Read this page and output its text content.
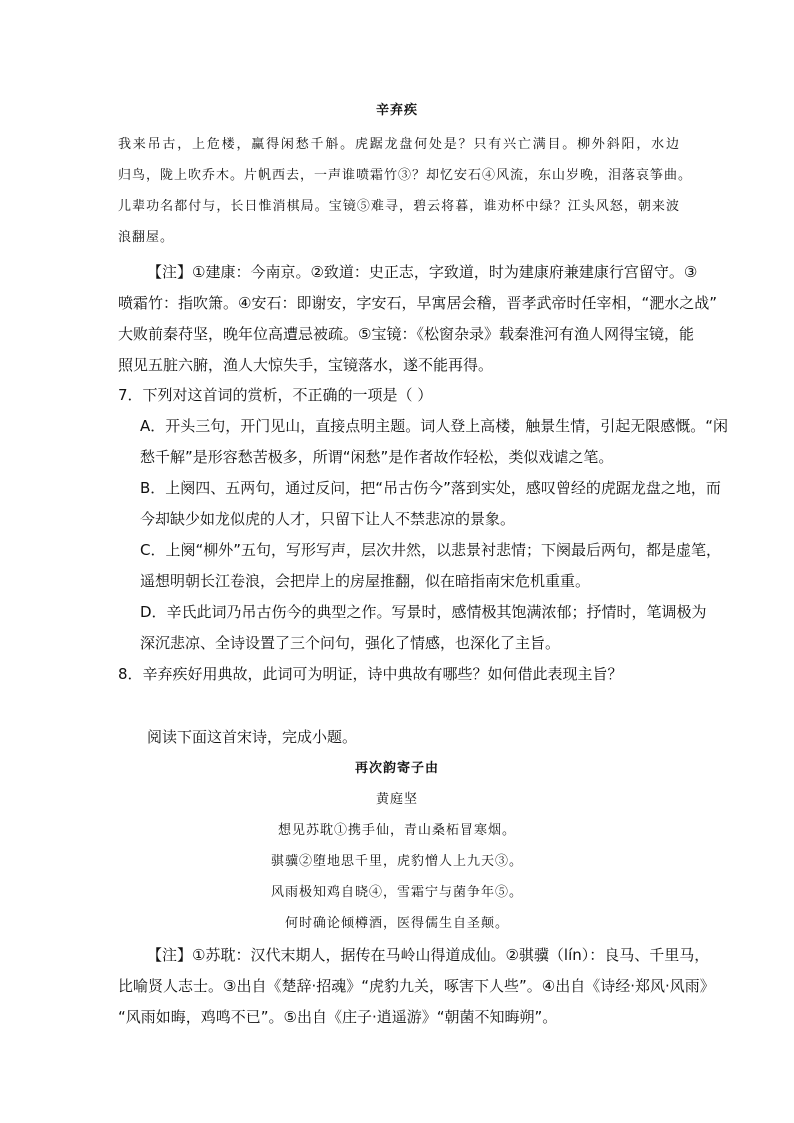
辛弃疾
我来吊古，上危楼，赢得闲愁千斛。虎踞龙盘何处是？只有兴亡满目。柳外斜阳，水边
归鸟，陇上吹乔木。片帆西去，一声谁喷霜竹③？却忆安石④风流，东山岁晚，泪落哀筝曲。
儿辈功名都付与，长日惟消棋局。宝镜⑤难寻，碧云将暮，谁劝杯中绿？江头风怒，朝来波
浪翻屋。
【注】①建康：今南京。②致道：史正志，字致道，时为建康府兼建康行宫留守。③
喷霜竹：指吹箫。④安石：即谢安，字安石，早寓居会稽，晋孝武帝时任宰相，“淝水之战”
大败前秦苻坚，晚年位高遭忌被疏。⑤宝镜：《松窗杂录》载秦淮河有渔人网得宝镜，能
照见五脏六腑，渔人大惊失手，宝镜落水，遂不能再得。
7．下列对这首词的赏析，不正确的一项是（ ）
A．开头三句，开门见山，直接点明主题。词人登上高楼，触景生情，引起无限感慨。“闲
愁千解”是形容愁苦极多，所谓“闲愁”是作者故作轻松，类似戏谑之笔。
B．上阕四、五两句，通过反问，把“吊古伤今”落到实处，感叹曾经的虎踞龙盘之地，而
今却缺少如龙似虎的人才，只留下让人不禁悲凉的景象。
C．上阕“柳外”五句，写形写声，层次井然，以悲景衬悲情；下阕最后两句，都是虚笔，
遥想明朝长江卷浪，会把岸上的房屋推翻，似在暗指南宋危机重重。
D．辛氏此词乃吊古伤今的典型之作。写景时，感情极其饱满浓郁；抒情时，笔调极为
深沉悲凉、全诗设置了三个问句，强化了情感，也深化了主旨。
8．辛弃疾好用典故，此词可为明证，诗中典故有哪些？如何借此表现主旨？
阅读下面这首宋诗，完成小题。
再次韵寄子由
黄庭坚
想见苏耽①携手仙，青山桑柘冒寒烟。
骐骥②堕地思千里，虎豹憎人上九天③。
风雨极知鸡自晓④，雪霜宁与菌争年⑤。
何时确论倾樽酒，医得儒生自圣颠。
【注】①苏耽：汉代末期人，据传在马岭山得道成仙。②骐骥（lín）：良马、千里马，
比喻贤人志士。③出自《楚辞·招魂》“虎豹九关，啄害下人些”。④出自《诗经·郑风·风雨》
“风雨如晦，鸡鸣不已”。⑤出自《庄子·逍遥游》“朝菌不知晦朔”。
